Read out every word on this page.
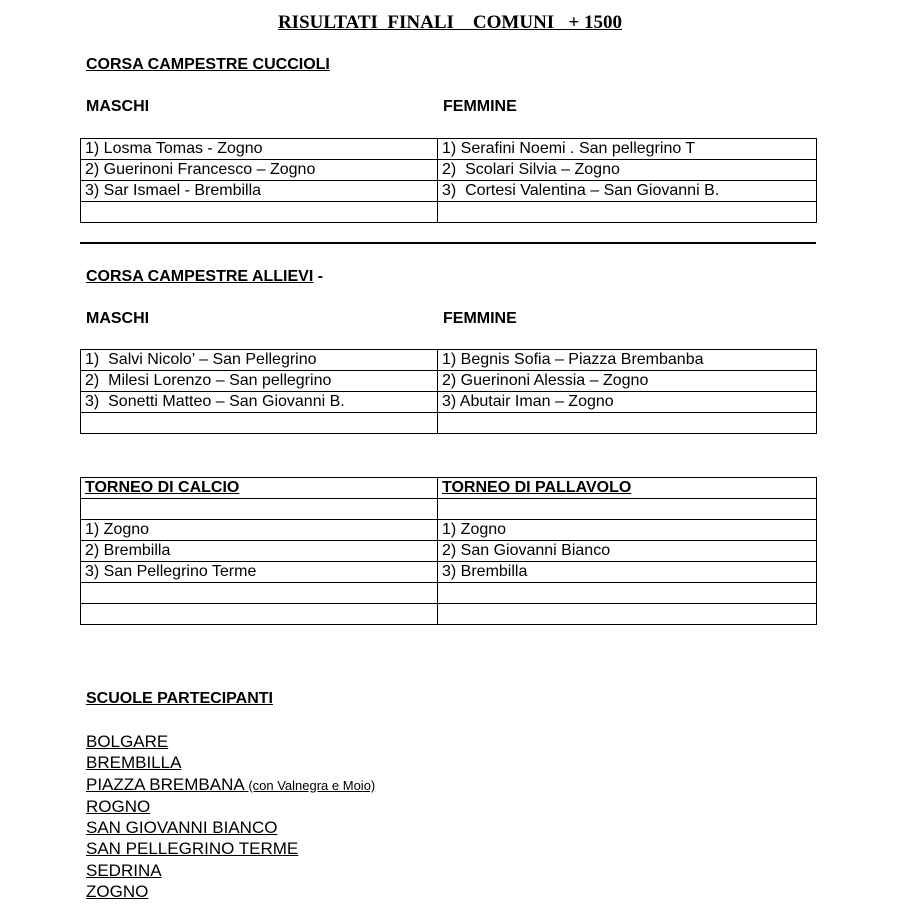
RISULTATI  FINALI    COMUNI   + 1500
CORSA CAMPESTRE CUCCIOLI
MASCHI	FEMMINE
1) Losma Tomas - Zogno	1) Serafini Noemi . San pellegrino T
2) Guerinoni Francesco – Zogno	2)  Scolari Silvia – Zogno
3) Sar Ismael - Brembilla	3)  Cortesi Valentina – San Giovanni B.

CORSA CAMPESTRE ALLIEVI -
MASCHI	FEMMINE
1)  Salvi Nicolo’ – San Pellegrino	1) Begnis Sofia – Piazza Brembanba
2)  Milesi Lorenzo – San pellegrino	2) Guerinoni Alessia – Zogno
3)  Sonetti Matteo – San Giovanni B.	3) Abutair Iman – Zogno

TORNEO DI CALCIO	TORNEO DI PALLAVOLO

1) Zogno	1) Zogno
2) Brembilla	2) San Giovanni Bianco
3) San Pellegrino Terme	3) Brembilla

SCUOLE PARTECIPANTI
BOLGARE
BREMBILLA
PIAZZA BREMBANA (con Valnegra e Moio)
ROGNO
SAN GIOVANNI BIANCO
SAN PELLEGRINO TERME
SEDRINA
ZOGNO
